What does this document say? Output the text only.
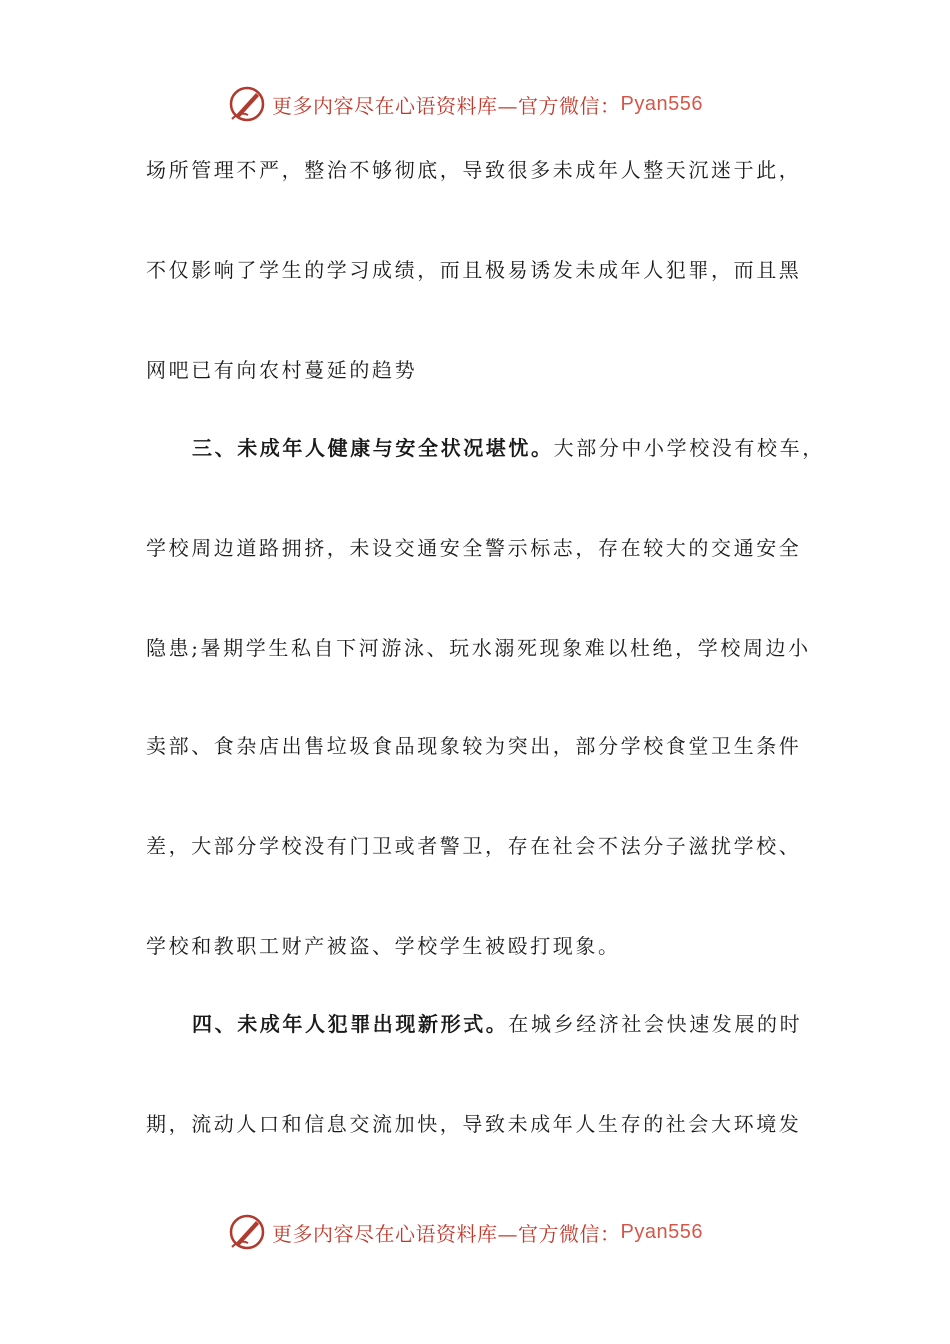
更多内容尽在心语资料库—官方微信： Pyan556
场所管理不严，整治不够彻底，导致很多未成年人整天沉迷于此，
不仅影响了学生的学习成绩，而且极易诱发未成年人犯罪，而且黑
网吧已有向农村蔓延的趋势
三、未成年人健康与安全状况堪忧。大部分中小学校没有校车，
学校周边道路拥挤，未设交通安全警示标志，存在较大的交通安全
隐患;暑期学生私自下河游泳、玩水溺死现象难以杜绝，学校周边小
卖部、食杂店出售垃圾食品现象较为突出，部分学校食堂卫生条件
差，大部分学校没有门卫或者警卫，存在社会不法分子滋扰学校、
学校和教职工财产被盗、学校学生被殴打现象。
四、未成年人犯罪出现新形式。在城乡经济社会快速发展的时
期，流动人口和信息交流加快，导致未成年人生存的社会大环境发
更多内容尽在心语资料库—官方微信： Pyan556
